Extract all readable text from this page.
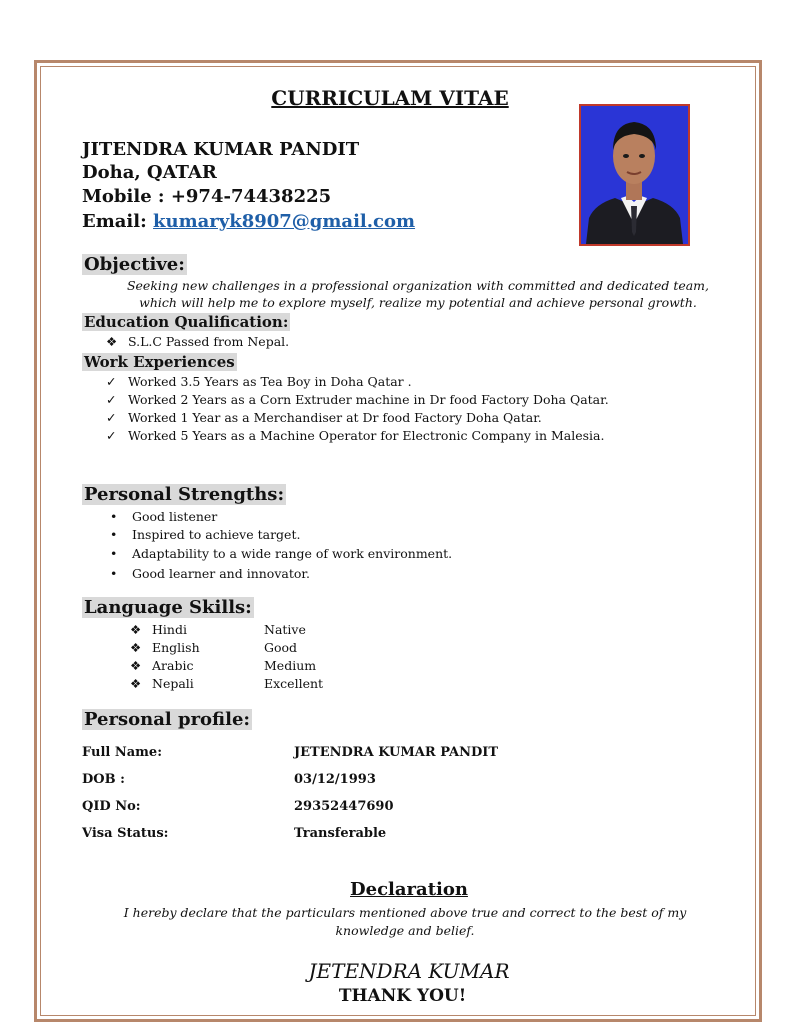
CURRICULAM VITAE
JITENDRA KUMAR PANDIT
Doha, QATAR
Mobile : +974-74438225
Email: kumaryk8907@gmail.com
Objective:
Seeking new challenges in a professional organization with committed and dedicated team, which will help me to explore myself, realize my potential and achieve personal growth.
Education Qualification:
❖ S.L.C Passed from Nepal.
Work Experiences
✓ Worked 3.5 Years as Tea Boy in Doha Qatar .
✓ Worked 2 Years as a Corn Extruder machine in Dr food Factory Doha Qatar.
✓ Worked 1 Year as a Merchandiser at Dr food Factory Doha Qatar.
✓ Worked 5 Years as a Machine Operator for Electronic Company in Malesia.
Personal Strengths:
• Good listener
• Inspired to achieve target.
• Adaptability to a wide range of work environment.
• Good learner and innovator.
Language Skills:
❖ Hindi	Native
❖ English	Good
❖ Arabic	Medium
❖ Nepali	Excellent
Personal profile:
Full Name:	JETENDRA KUMAR PANDIT
DOB :	03/12/1993
QID No:	29352447690
Visa Status:	Transferable
Declaration
I hereby declare that the particulars mentioned above true and correct to the best of my knowledge and belief.
JETENDRA KUMAR
THANK YOU!
